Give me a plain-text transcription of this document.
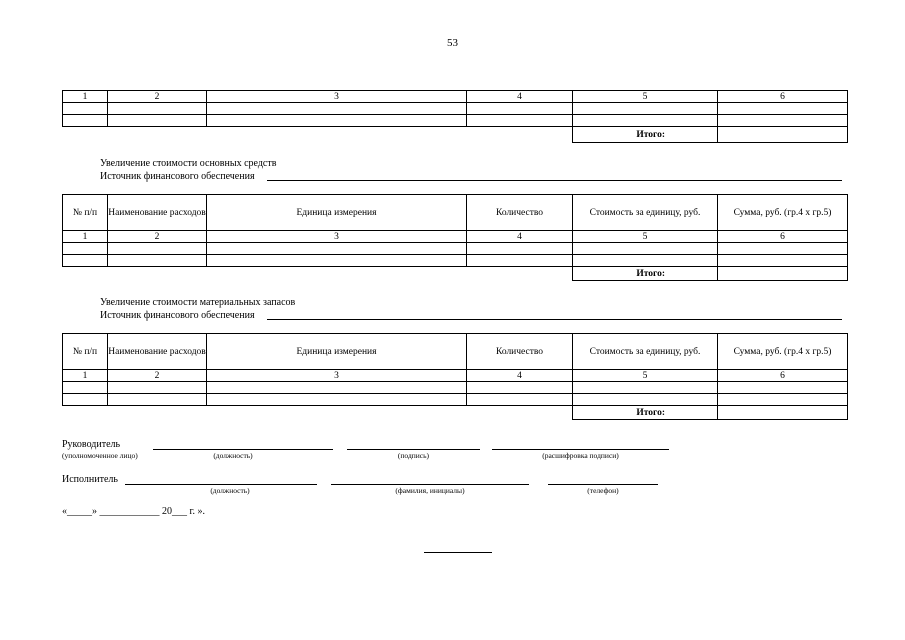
53
1	2	3	4	5	6

				Итого:	
Увеличение стоимости основных средств
Источник финансового обеспечения
№ п/п	Наименование расходов	Единица измерения	Количество	Стоимость за единицу, руб.	Сумма, руб. (гр.4 х гр.5)
1	2	3	4	5	6

				Итого:	
Увеличение стоимости материальных запасов
Источник финансового обеспечения
№ п/п	Наименование расходов	Единица измерения	Количество	Стоимость за единицу, руб.	Сумма, руб. (гр.4 х гр.5)
1	2	3	4	5	6

				Итого:	
Руководитель
(уполномоченное лицо)	(должность)	(подпись)	(расшифровка подписи)
Исполнитель
(должность)	(фамилия, инициалы)	(телефон)
«_____» ____________ 20___ г. ».
